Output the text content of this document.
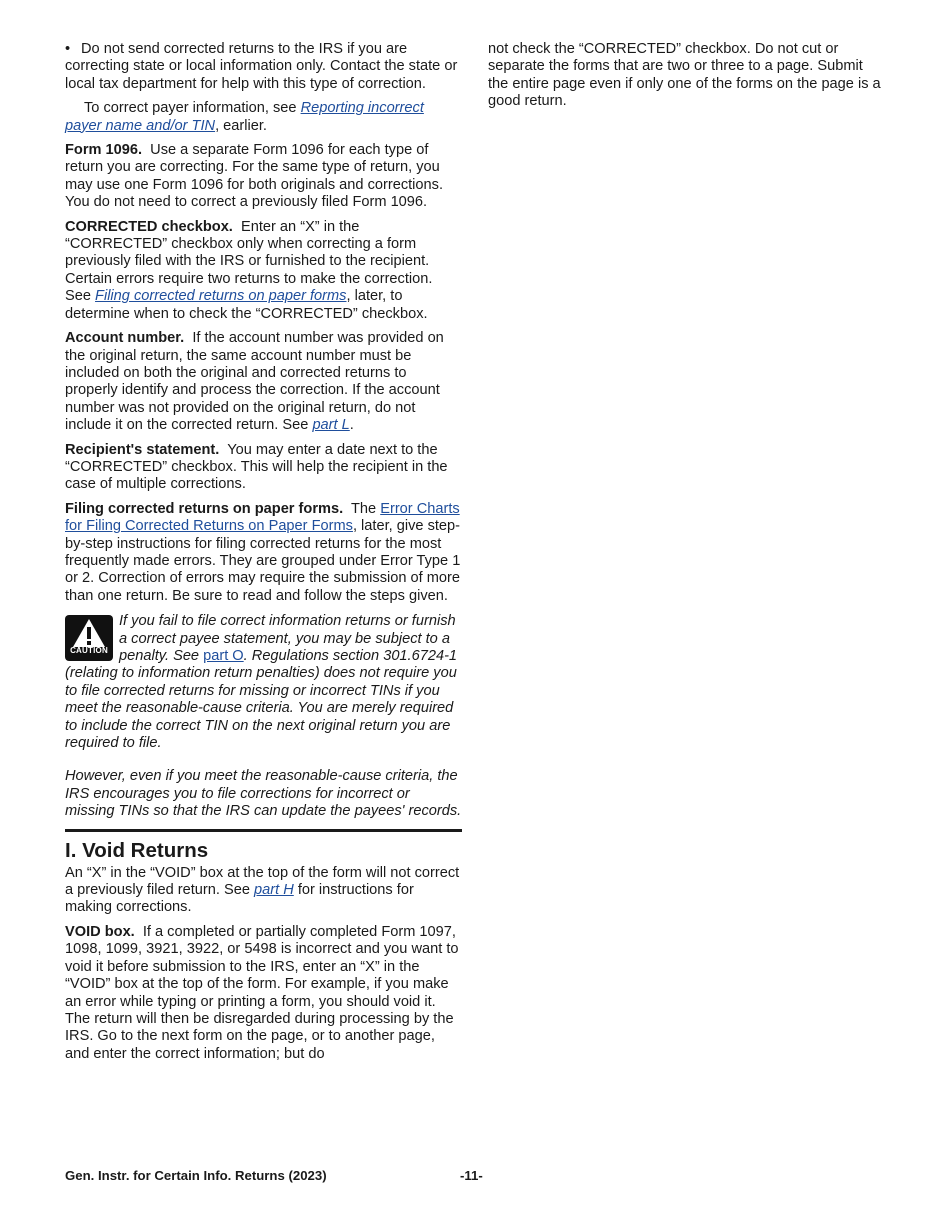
• Do not send corrected returns to the IRS if you are correcting state or local information only. Contact the state or local tax department for help with this type of correction.

To correct payer information, see Reporting incorrect payer name and/or TIN, earlier.

Form 1096. Use a separate Form 1096 for each type of return you are correcting. For the same type of return, you may use one Form 1096 for both originals and corrections. You do not need to correct a previously filed Form 1096.

CORRECTED checkbox. Enter an “X” in the “CORRECTED” checkbox only when correcting a form previously filed with the IRS or furnished to the recipient. Certain errors require two returns to make the correction. See Filing corrected returns on paper forms, later, to determine when to check the “CORRECTED” checkbox.

Account number. If the account number was provided on the original return, the same account number must be included on both the original and corrected returns to properly identify and process the correction. If the account number was not provided on the original return, do not include it on the corrected return. See part L.

Recipient's statement. You may enter a date next to the “CORRECTED” checkbox. This will help the recipient in the case of multiple corrections.

Filing corrected returns on paper forms. The Error Charts for Filing Corrected Returns on Paper Forms, later, give step-by-step instructions for filing corrected returns for the most frequently made errors. They are grouped under Error Type 1 or 2. Correction of errors may require the submission of more than one return. Be sure to read and follow the steps given.

CAUTION

If you fail to file correct information returns or furnish a correct payee statement, you may be subject to a penalty. See part O. Regulations section 301.6724-1 (relating to information return penalties) does not require you to file corrected returns for missing or incorrect TINs if you meet the reasonable-cause criteria. You are merely required to include the correct TIN on the next original return you are required to file.

However, even if you meet the reasonable-cause criteria, the IRS encourages you to file corrections for incorrect or missing TINs so that the IRS can update the payees' records.

I. Void Returns

An “X” in the “VOID” box at the top of the form will not correct a previously filed return. See part H for instructions for making corrections.

VOID box. If a completed or partially completed Form 1097, 1098, 1099, 3921, 3922, or 5498 is incorrect and you want to void it before submission to the IRS, enter an “X” in the “VOID” box at the top of the form. For example, if you make an error while typing or printing a form, you should void it. The return will then be disregarded during processing by the IRS. Go to the next form on the page, or to another page, and enter the correct information; but do

not check the “CORRECTED” checkbox. Do not cut or separate the forms that are two or three to a page. Submit the entire page even if only one of the forms on the page is a good return.

Gen. Instr. for Certain Info. Returns (2023)	-11-
